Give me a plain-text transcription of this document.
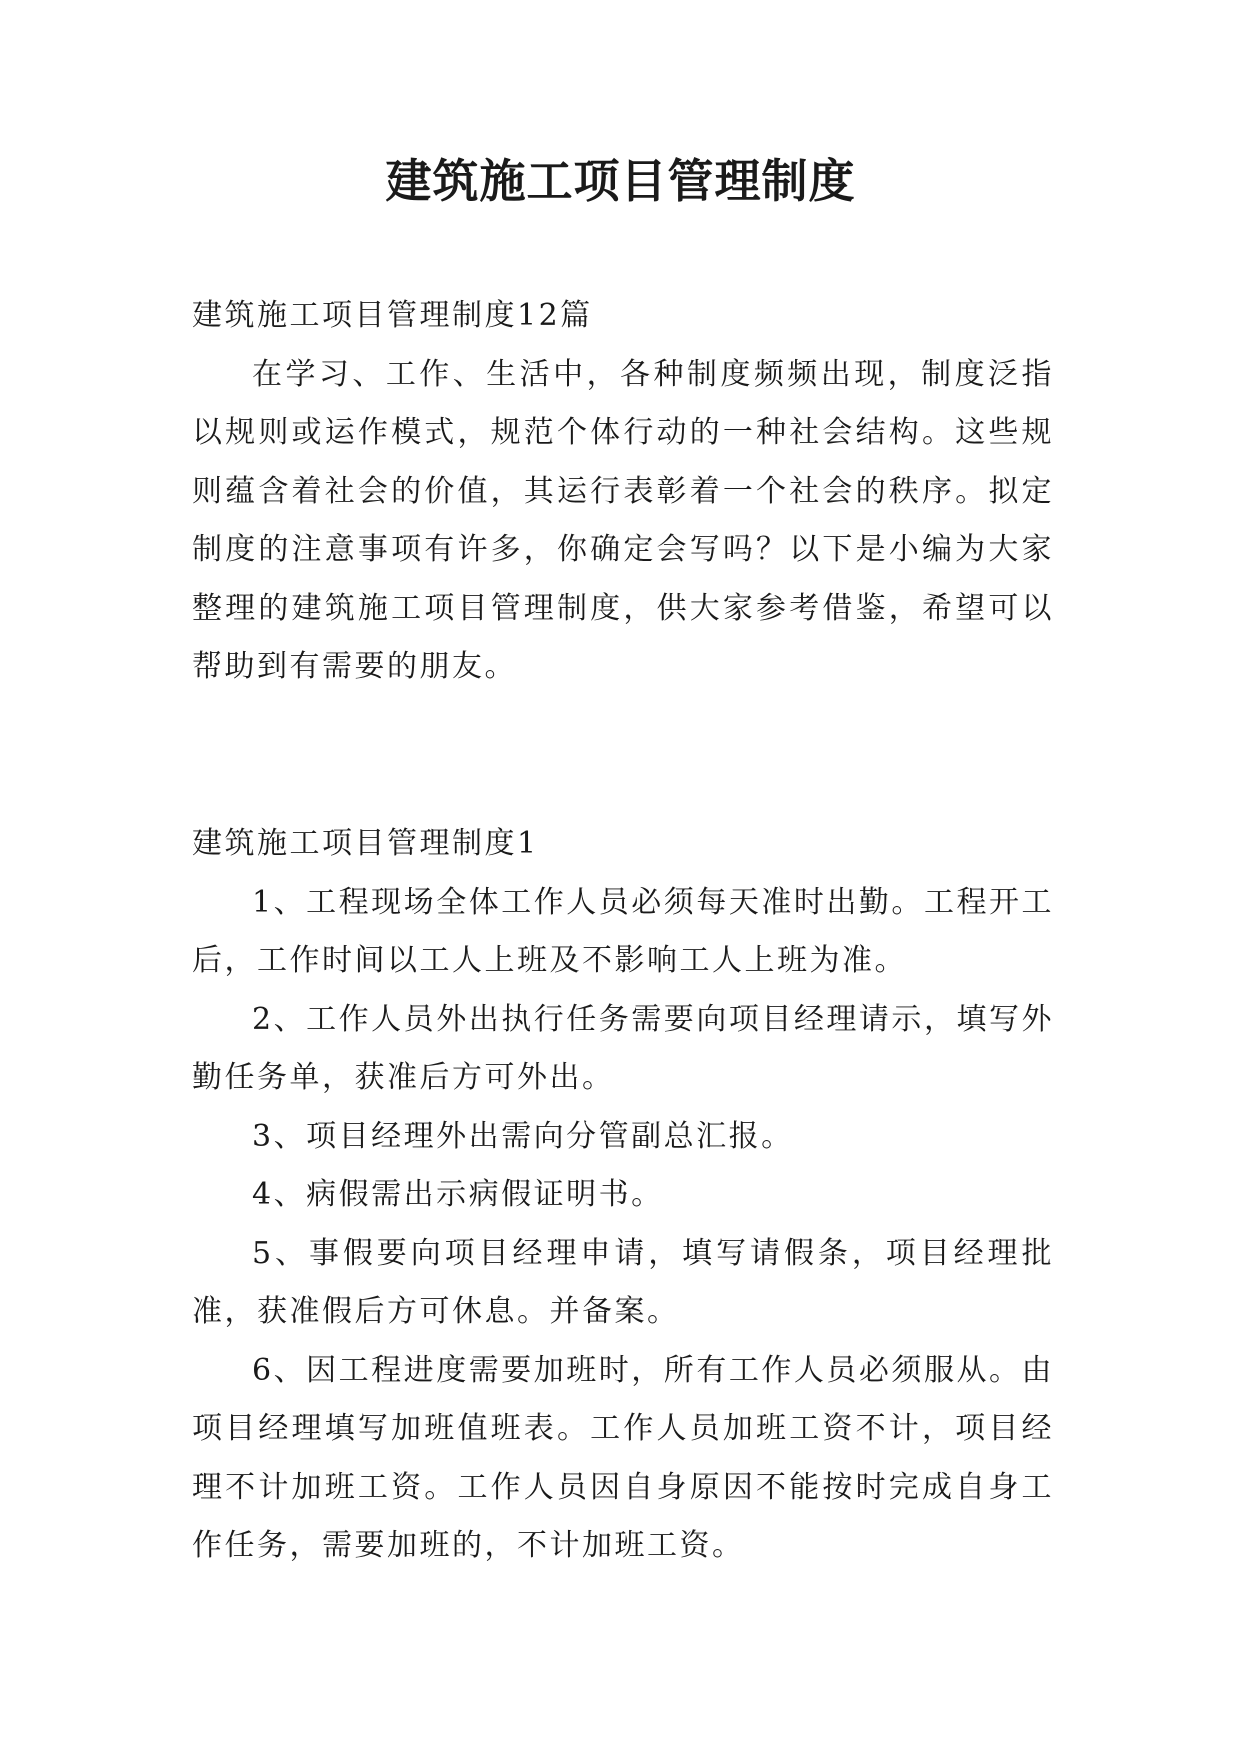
建筑施工项目管理制度

建筑施工项目管理制度12篇

在学习、工作、生活中，各种制度频频出现，制度泛指以规则或运作模式，规范个体行动的一种社会结构。这些规则蕴含着社会的价值，其运行表彰着一个社会的秩序。拟定制度的注意事项有许多，你确定会写吗？以下是小编为大家整理的建筑施工项目管理制度，供大家参考借鉴，希望可以帮助到有需要的朋友。

建筑施工项目管理制度1

1、工程现场全体工作人员必须每天准时出勤。工程开工后，工作时间以工人上班及不影响工人上班为准。

2、工作人员外出执行任务需要向项目经理请示，填写外勤任务单，获准后方可外出。

3、项目经理外出需向分管副总汇报。

4、病假需出示病假证明书。

5、事假要向项目经理申请，填写请假条，项目经理批准，获准假后方可休息。并备案。

6、因工程进度需要加班时，所有工作人员必须服从。由项目经理填写加班值班表。工作人员加班工资不计，项目经理不计加班工资。工作人员因自身原因不能按时完成自身工作任务，需要加班的，不计加班工资。
